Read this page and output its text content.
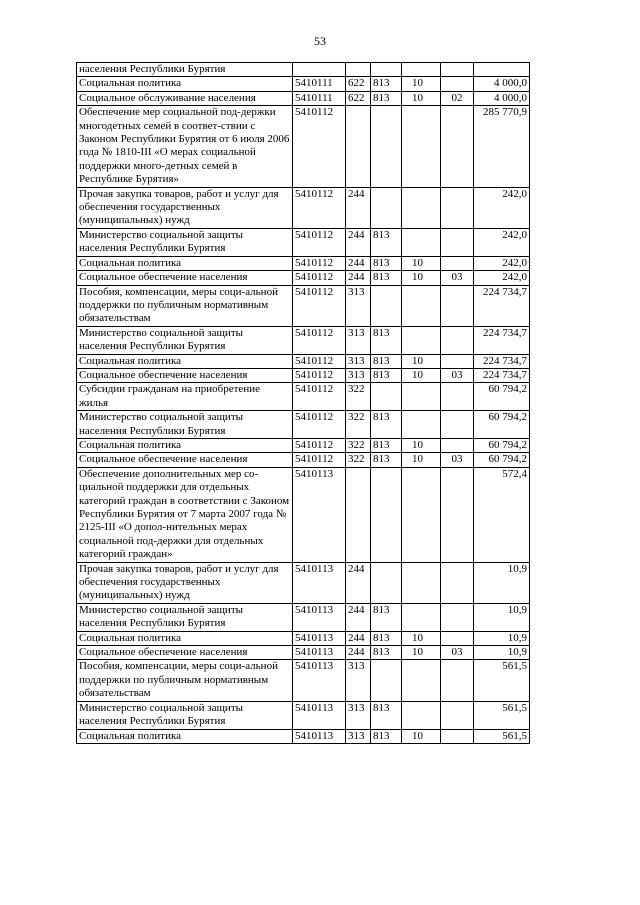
53
населения Республики Бурятия						
Социальная политика	5410111	622	813	10		4 000,0
Социальное обслуживание населения	5410111	622	813	10	02	4 000,0
Обеспечение мер социальной под-держки многодетных семей в соответ-ствии с Законом Республики Бурятия от 6 июля 2006 года № 1810-III «О мерах социальной поддержки много-детных семей в Республике Бурятия»	5410112					285 770,9
Прочая закупка товаров, работ и услуг для обеспечения государственных (муниципальных) нужд	5410112	244				242,0
Министерство социальной защиты населения Республики Бурятия	5410112	244	813			242,0
Социальная политика	5410112	244	813	10		242,0
Социальное обеспечение населения	5410112	244	813	10	03	242,0
Пособия, компенсации, меры соци-альной поддержки по публичным нормативным обязательствам	5410112	313				224 734,7
Министерство социальной защиты населения Республики Бурятия	5410112	313	813			224 734,7
Социальная политика	5410112	313	813	10		224 734,7
Социальное обеспечение населения	5410112	313	813	10	03	224 734,7
Субсидии гражданам на приобретение жилья	5410112	322				60 794,2
Министерство социальной защиты населения Республики Бурятия	5410112	322	813			60 794,2
Социальная политика	5410112	322	813	10		60 794,2
Социальное обеспечение населения	5410112	322	813	10	03	60 794,2
Обеспечение дополнительных мер со-циальной поддержки для отдельных категорий граждан в соответствии с Законом Республики Бурятия от 7 марта 2007 года № 2125-III «О допол-нительных мерах социальной под-держки для отдельных категорий граждан»	5410113					572,4
Прочая закупка товаров, работ и услуг для обеспечения государственных (муниципальных) нужд	5410113	244				10,9
Министерство социальной защиты населения Республики Бурятия	5410113	244	813			10,9
Социальная политика	5410113	244	813	10		10,9
Социальное обеспечение населения	5410113	244	813	10	03	10,9
Пособия, компенсации, меры соци-альной поддержки по публичным нормативным обязательствам	5410113	313				561,5
Министерство социальной защиты населения Республики Бурятия	5410113	313	813			561,5
Социальная политика	5410113	313	813	10		561,5
